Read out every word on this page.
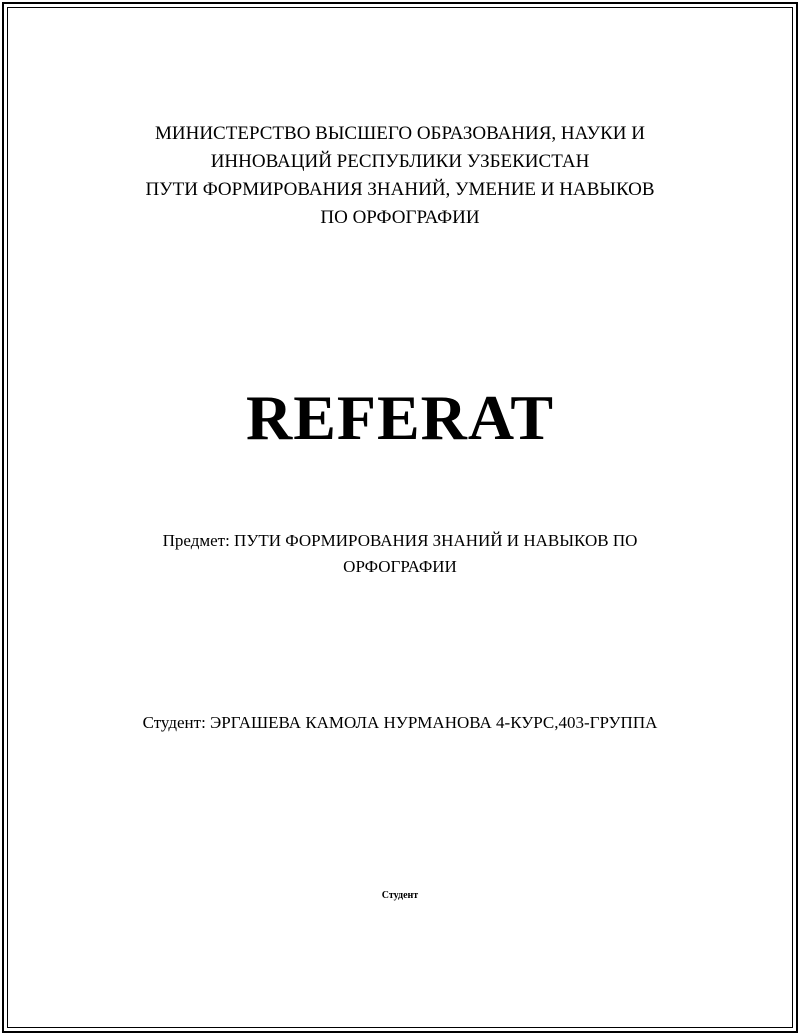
МИНИСТЕРСТВО ВЫСШЕГО ОБРАЗОВАНИЯ, НАУКИ И
ИННОВАЦИЙ РЕСПУБЛИКИ УЗБЕКИСТАН
ПУТИ ФОРМИРОВАНИЯ ЗНАНИЙ, УМЕНИЕ И НАВЫКОВ
ПО ОРФОГРАФИИ
REFERAT
Предмет: ПУТИ ФОРМИРОВАНИЯ ЗНАНИЙ И НАВЫКОВ ПО
ОРФОГРАФИИ
Студент: ЭРГАШЕВА КАМОЛА НУРМАНОВА 4-КУРС,403-ГРУППА
Студент
